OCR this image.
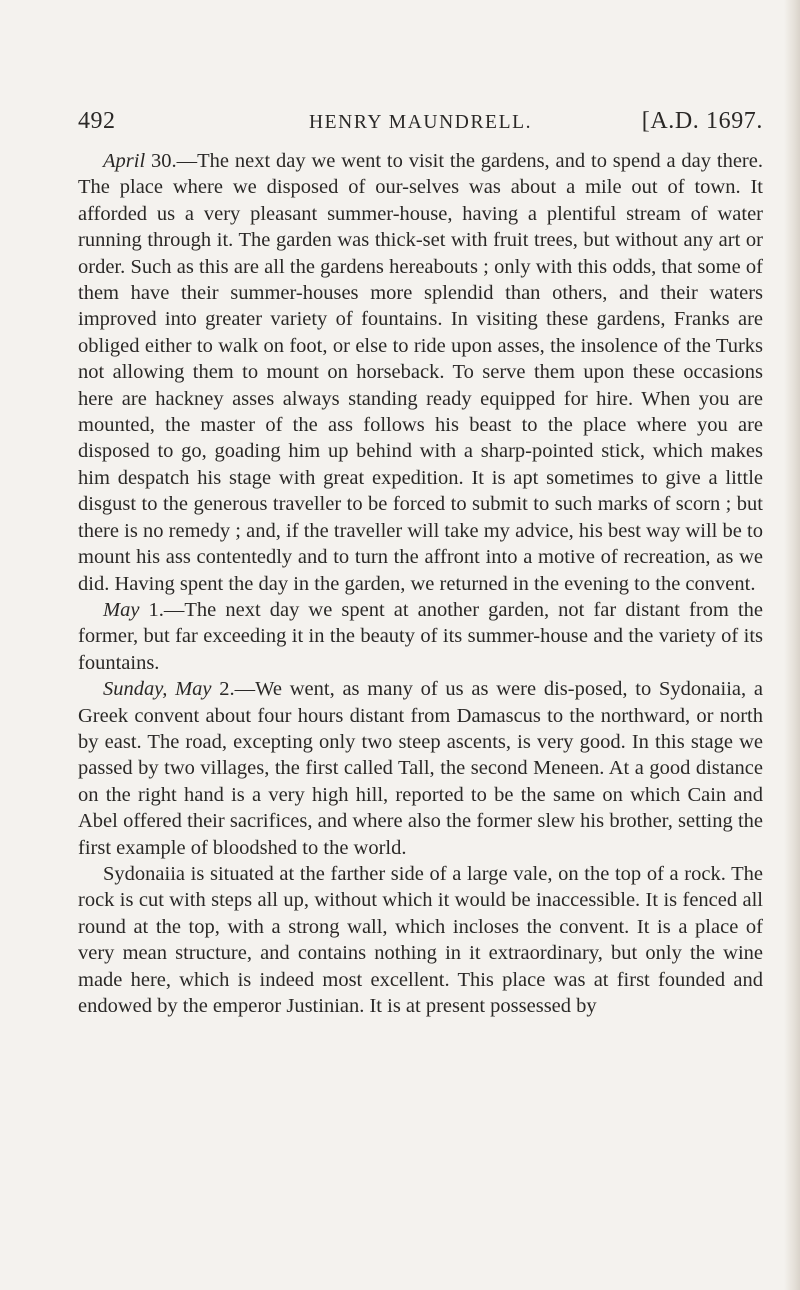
492	HENRY MAUNDRELL.	[A.D. 1697.

April 30.—The next day we went to visit the gardens, and to spend a day there. The place where we disposed of our-selves was about a mile out of town. It afforded us a very pleasant summer-house, having a plentiful stream of water running through it. The garden was thick-set with fruit trees, but without any art or order. Such as this are all the gardens hereabouts ; only with this odds, that some of them have their summer-houses more splendid than others, and their waters improved into greater variety of fountains. In visiting these gardens, Franks are obliged either to walk on foot, or else to ride upon asses, the insolence of the Turks not allowing them to mount on horseback. To serve them upon these occasions here are hackney asses always standing ready equipped for hire. When you are mounted, the master of the ass follows his beast to the place where you are disposed to go, goading him up behind with a sharp-pointed stick, which makes him despatch his stage with great expedition. It is apt sometimes to give a little disgust to the generous traveller to be forced to submit to such marks of scorn ; but there is no remedy ; and, if the traveller will take my advice, his best way will be to mount his ass contentedly and to turn the affront into a motive of recreation, as we did. Having spent the day in the garden, we returned in the evening to the convent.

May 1.—The next day we spent at another garden, not far distant from the former, but far exceeding it in the beauty of its summer-house and the variety of its fountains.

Sunday, May 2.—We went, as many of us as were dis-posed, to Sydonaiia, a Greek convent about four hours distant from Damascus to the northward, or north by east. The road, excepting only two steep ascents, is very good. In this stage we passed by two villages, the first called Tall, the second Meneen. At a good distance on the right hand is a very high hill, reported to be the same on which Cain and Abel offered their sacrifices, and where also the former slew his brother, setting the first example of bloodshed to the world.

Sydonaiia is situated at the farther side of a large vale, on the top of a rock. The rock is cut with steps all up, without which it would be inaccessible. It is fenced all round at the top, with a strong wall, which incloses the convent. It is a place of very mean structure, and contains nothing in it extraordinary, but only the wine made here, which is indeed most excellent. This place was at first founded and endowed by the emperor Justinian. It is at present possessed by
